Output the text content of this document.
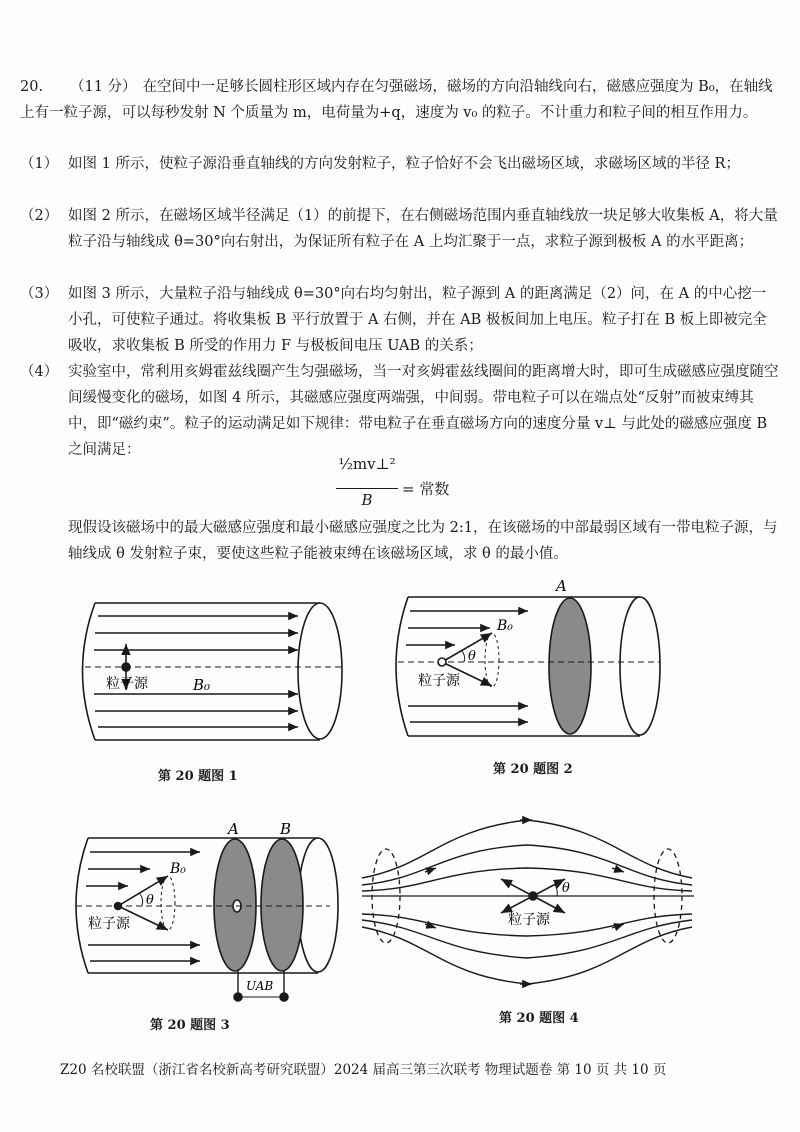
20. （11 分） 在空间中一足够长圆柱形区域内存在匀强磁场，磁场的方向沿轴线向右，磁感应强度为 B₀，在轴线上有一粒子源，可以每秒发射 N 个质量为 m，电荷量为+q，速度为 v₀ 的粒子。不计重力和粒子间的相互作用力。
（1） 如图 1 所示，使粒子源沿垂直轴线的方向发射粒子，粒子恰好不会飞出磁场区域，求磁场区域的半径 R；
（2） 如图 2 所示，在磁场区域半径满足（1）的前提下，在右侧磁场范围内垂直轴线放一块足够大收集板 A，将大量粒子沿与轴线成 θ=30°向右射出，为保证所有粒子在 A 上均汇聚于一点，求粒子源到极板 A 的水平距离；
（3） 如图 3 所示，大量粒子沿与轴线成 θ=30°向右均匀射出，粒子源到 A 的距离满足（2）问，在 A 的中心挖一小孔，可使粒子通过。将收集板 B 平行放置于 A 右侧，并在 AB 极板间加上电压。粒子打在 B 板上即被完全吸收，求收集板 B 所受的作用力 F 与极板间电压 UAB 的关系；
（4） 实验室中，常利用亥姆霍兹线圈产生匀强磁场，当一对亥姆霍兹线圈间的距离增大时，即可生成磁感应强度随空间缓慢变化的磁场，如图 4 所示，其磁感应强度两端强，中间弱。带电粒子可以在端点处“反射”而被束缚其中，即“磁约束”。粒子的运动满足如下规律：带电粒子在垂直磁场方向的速度分量 v⊥ 与此处的磁感应强度 B 之间满足：
½mv⊥²
B
= 常数
现假设该磁场中的最大磁感应强度和最小磁感应强度之比为 2:1，在该磁场的中部最弱区域有一带电粒子源，与轴线成 θ 发射粒子束，要使这些粒子能被束缚在该磁场区域，求 θ 的最小值。
粒子源	B₀
A
B₀
θ
粒子源
A	B
B₀
θ
粒子源
UAB
θ
粒子源
第 20 题图 1	第 20 题图 2
第 20 题图 3	第 20 题图 4
Z20 名校联盟（浙江省名校新高考研究联盟）2024 届高三第三次联考 物理试题卷 第 10 页 共 10 页
